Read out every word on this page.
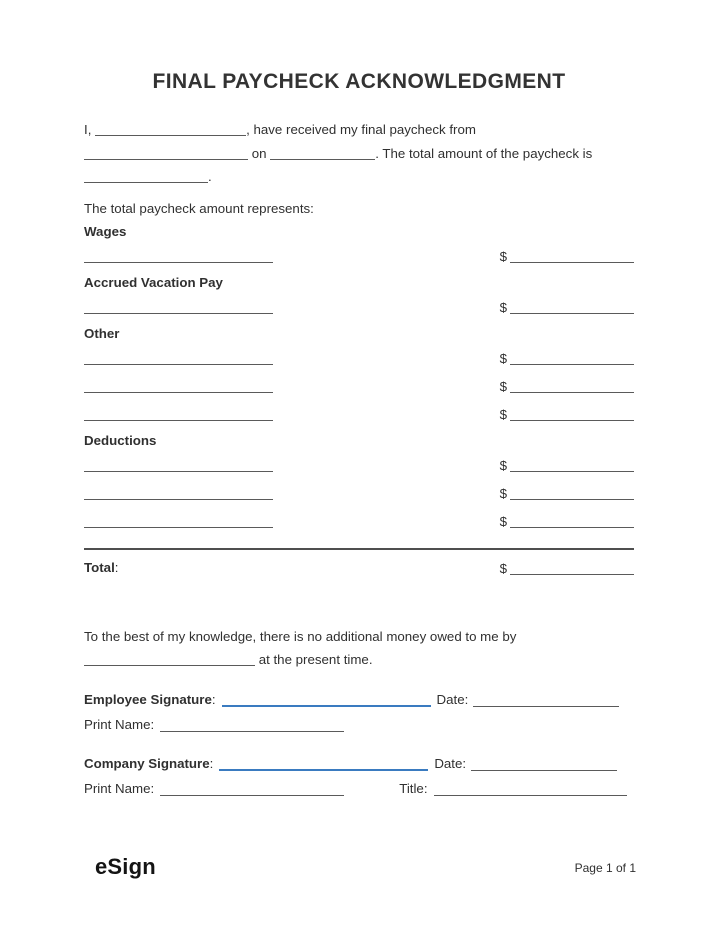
FINAL PAYCHECK ACKNOWLEDGMENT
I,	, have received my final paycheck from
on	. The total amount of the paycheck is
.
The total paycheck amount represents:
Wages
$
Accrued Vacation Pay
$
Other
$
$
$
Deductions
$
$
$
Total:	$
To the best of my knowledge, there is no additional money owed to me by
at the present time.
Employee Signature:	Date:
Print Name:
Company Signature:	Date:
Print Name:	Title:
eSign	Page 1 of 1
